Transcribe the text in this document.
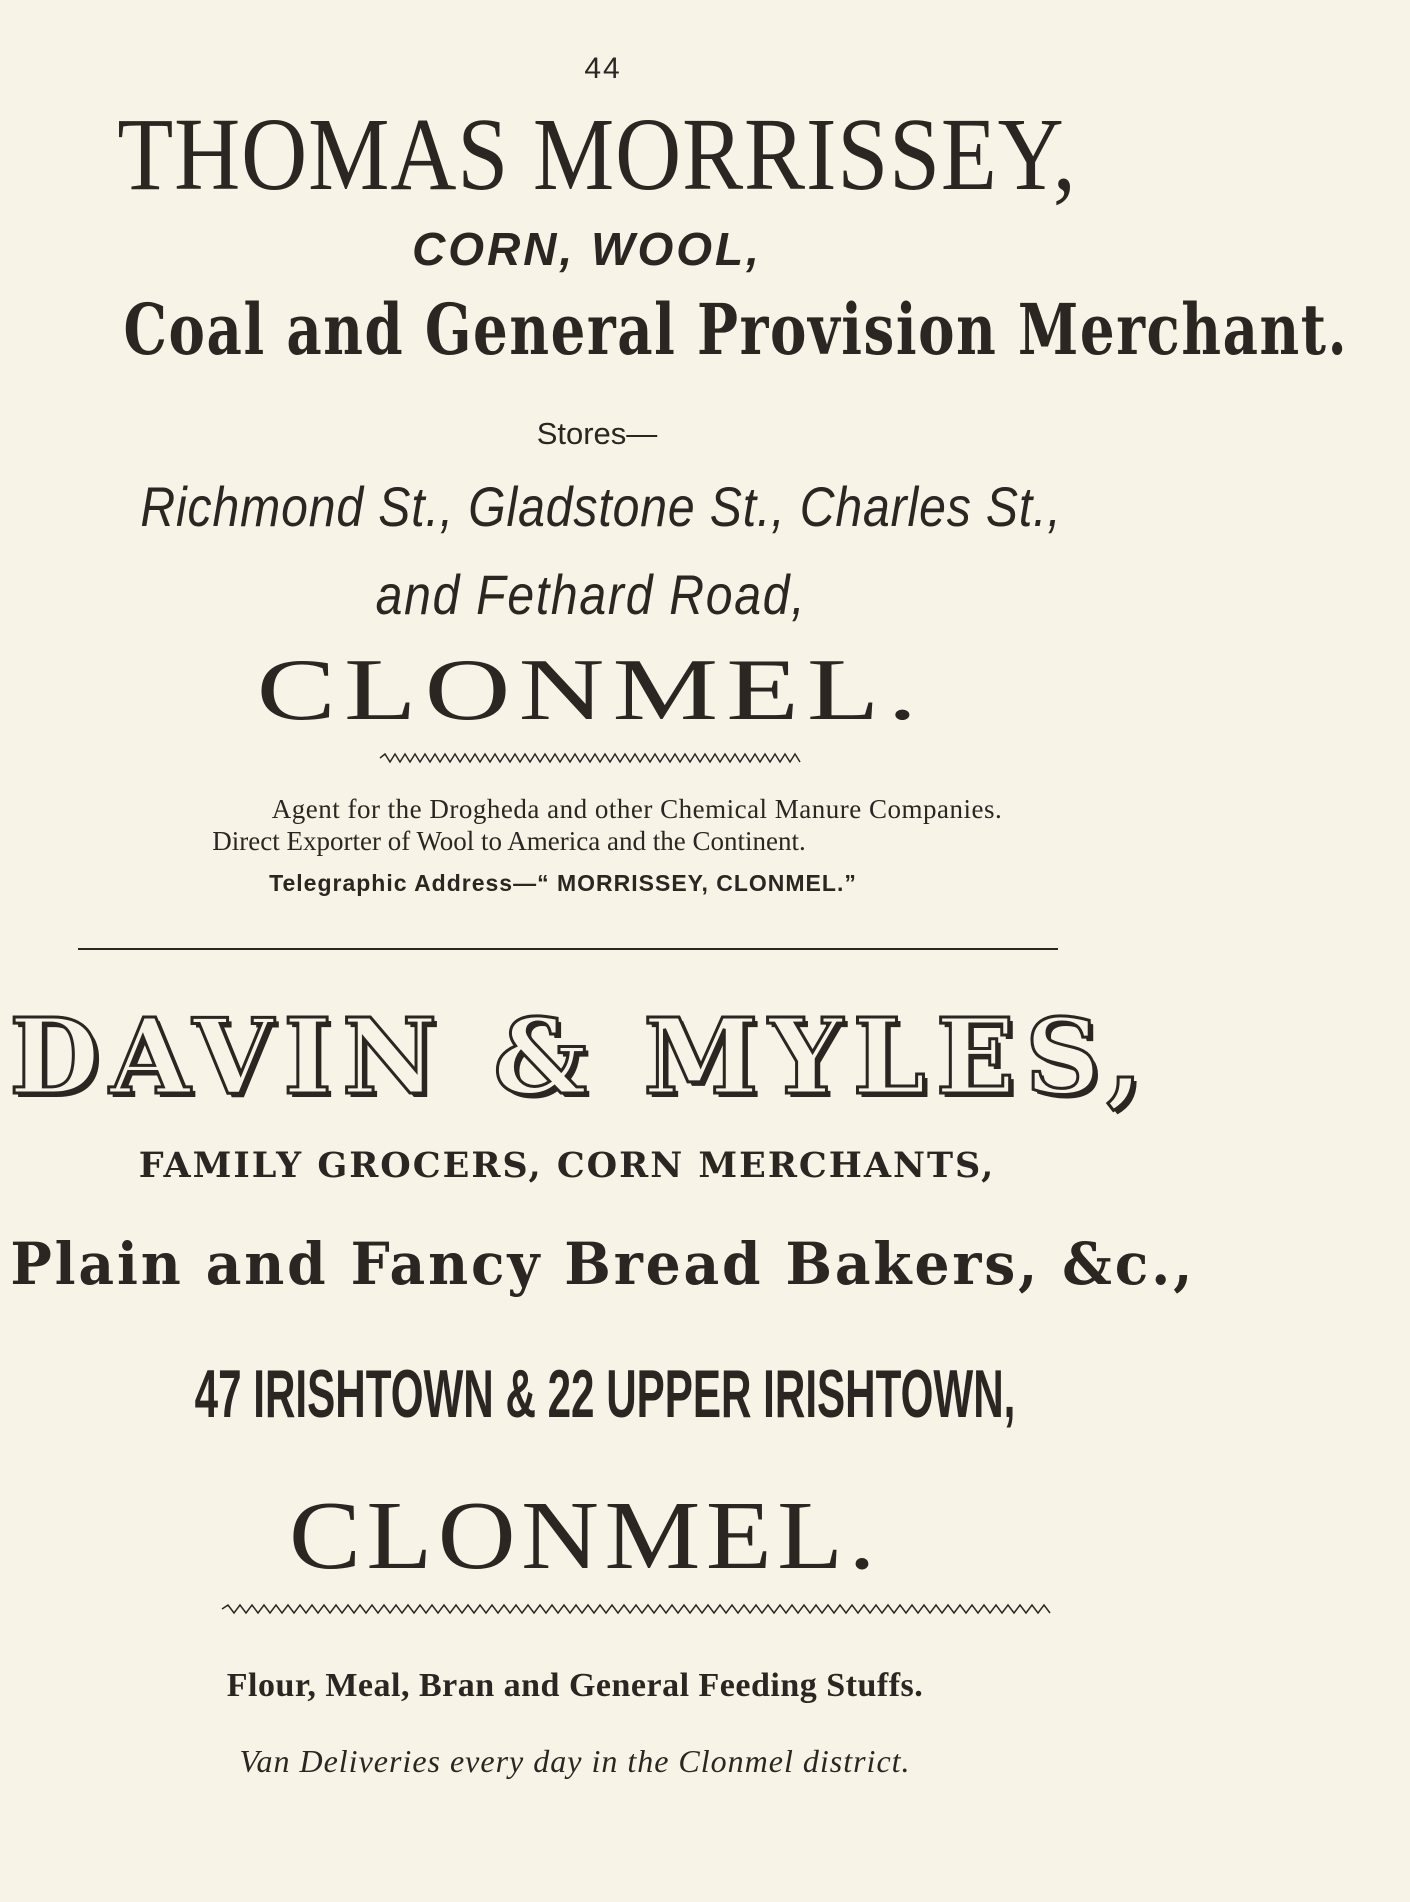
44
THOMAS MORRISSEY,
CORN, WOOL,
Coal and General Provision Merchant.
Stores—
Richmond St., Gladstone St., Charles St.,
and Fethard Road,
CLONMEL.
Agent for the Drogheda and other Chemical Manure Companies.
Direct Exporter of Wool to America and the Continent.
Telegraphic Address—“ MORRISSEY, CLONMEL.”
DAVIN & MYLES,
FAMILY GROCERS, CORN MERCHANTS,
Plain and Fancy Bread Bakers, &c.,
47 IRISHTOWN & 22 UPPER IRISHTOWN,
CLONMEL.
Flour, Meal, Bran and General Feeding Stuffs.
Van Deliveries every day in the Clonmel district.
